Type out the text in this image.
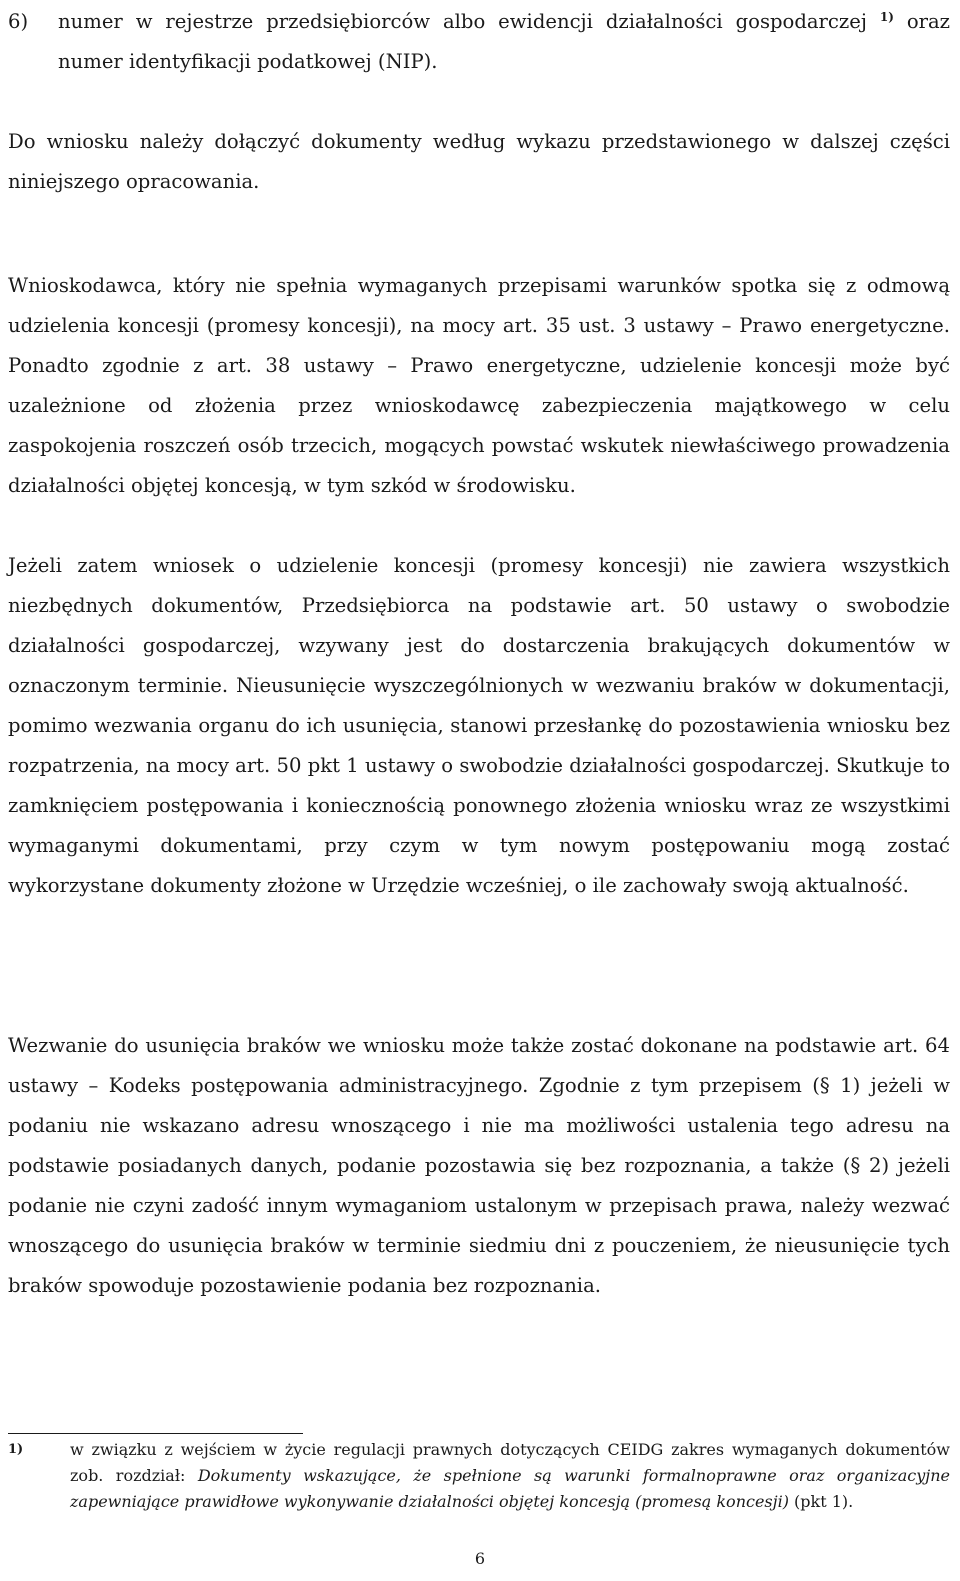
6) numer w rejestrze przedsiębiorców albo ewidencji działalności gospodarczej $^{1)}$ oraz numer identyfikacji podatkowej (NIP).

Do wniosku należy dołączyć dokumenty według wykazu przedstawionego w dalszej części niniejszego opracowania.

Wnioskodawca, który nie spełnia wymaganych przepisami warunków spotka się z odmową udzielenia koncesji (promesy koncesji), na mocy art. 35 ust. 3 ustawy – Prawo energetyczne. Ponadto zgodnie z art. 38 ustawy – Prawo energetyczne, udzielenie koncesji może być uzależnione od złożenia przez wnioskodawcę zabezpieczenia majątkowego w celu zaspokojenia roszczeń osób trzecich, mogących powstać wskutek niewłaściwego prowadzenia działalności objętej koncesją, w tym szkód w środowisku.

Jeżeli zatem wniosek o udzielenie koncesji (promesy koncesji) nie zawiera wszystkich niezbędnych dokumentów, Przedsiębiorca na podstawie art. 50 ustawy o swobodzie działalności gospodarczej, wzywany jest do dostarczenia brakujących dokumentów w oznaczonym terminie. Nieusunięcie wyszczególnionych w wezwaniu braków w dokumentacji, pomimo wezwania organu do ich usunięcia, stanowi przesłankę do pozostawienia wniosku bez rozpatrzenia, na mocy art. 50 pkt 1 ustawy o swobodzie działalności gospodarczej. Skutkuje to zamknięciem postępowania i koniecznością ponownego złożenia wniosku wraz ze wszystkimi wymaganymi dokumentami, przy czym w tym nowym postępowaniu mogą zostać wykorzystane dokumenty złożone w Urzędzie wcześniej, o ile zachowały swoją aktualność.

Wezwanie do usunięcia braków we wniosku może także zostać dokonane na podstawie art. 64 ustawy – Kodeks postępowania administracyjnego. Zgodnie z tym przepisem (§ 1) jeżeli w podaniu nie wskazano adresu wnoszącego i nie ma możliwości ustalenia tego adresu na podstawie posiadanych danych, podanie pozostawia się bez rozpoznania, a także (§ 2) jeżeli podanie nie czyni zadość innym wymaganiom ustalonym w przepisach prawa, należy wezwać wnoszącego do usunięcia braków w terminie siedmiu dni z pouczeniem, że nieusunięcie tych braków spowoduje pozostawienie podania bez rozpoznania.

1)	w związku z wejściem w życie regulacji prawnych dotyczących CEIDG zakres wymaganych dokumentów zob. rozdział: Dokumenty wskazujące, że spełnione są warunki formalnoprawne oraz organizacyjne zapewniające prawidłowe wykonywanie działalności objętej koncesją (promesą koncesji) (pkt 1).
6
